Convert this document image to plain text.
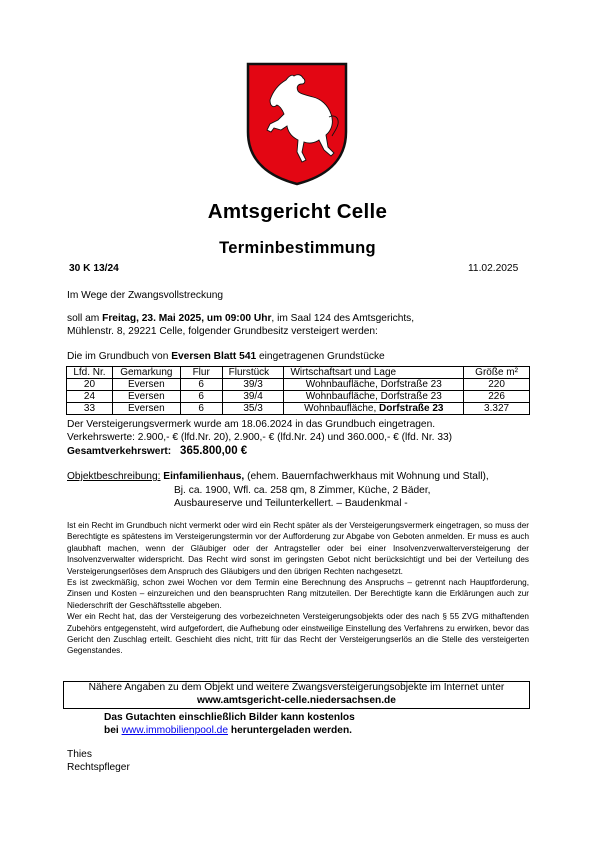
Amtsgericht Celle
Terminbestimmung
30 K 13/24	11.02.2025
Im Wege der Zwangsvollstreckung
soll am Freitag, 23. Mai 2025, um 09:00 Uhr, im Saal 124 des Amtsgerichts,
Mühlenstr. 8, 29221 Celle, folgender Grundbesitz versteigert werden:
Die im Grundbuch von Eversen Blatt 541 eingetragenen Grundstücke
Lfd. Nr.	Gemarkung	Flur	Flurstück	Wirtschaftsart und Lage	Größe m²
20	Eversen	6	39/3	Wohnbaufläche, Dorfstraße 23	220
24	Eversen	6	39/4	Wohnbaufläche, Dorfstraße 23	226
33	Eversen	6	35/3	Wohnbaufläche, Dorfstraße 23	3.327
Der Versteigerungsvermerk wurde am 18.06.2024 in das Grundbuch eingetragen.
Verkehrswerte: 2.900,- € (lfd.Nr. 20), 2.900,- € (lfd.Nr. 24) und 360.000,- € (lfd. Nr. 33)
Gesamtverkehrswert: 365.800,00 €
Objektbeschreibung: Einfamilienhaus, (ehem. Bauernfachwerkhaus mit Wohnung und Stall),
Bj. ca. 1900, Wfl. ca. 258 qm, 8 Zimmer, Küche, 2 Bäder,
Ausbaureserve und Teilunterkellert. – Baudenkmal -

Ist ein Recht im Grundbuch nicht vermerkt oder wird ein Recht später als der Versteigerungsvermerk eingetragen, so muss der Berechtigte es spätestens im Versteigerungstermin vor der Aufforderung zur Abgabe von Geboten anmelden. Er muss es auch glaubhaft machen, wenn der Gläubiger oder der Antragsteller oder bei einer Insolvenzverwalterversteigerung der Insolvenzverwalter widerspricht. Das Recht wird sonst im geringsten Gebot nicht berücksichtigt und bei der Verteilung des Versteigerungserlöses dem Anspruch des Gläubigers und den übrigen Rechten nachgesetzt.

Es ist zweckmäßig, schon zwei Wochen vor dem Termin eine Berechnung des Anspruchs – getrennt nach Hauptforderung, Zinsen und Kosten – einzureichen und den beanspruchten Rang mitzuteilen. Der Berechtigte kann die Erklärungen auch zur Niederschrift der Geschäftsstelle abgeben.

Wer ein Recht hat, das der Versteigerung des vorbezeichneten Versteigerungsobjekts oder des nach § 55 ZVG mithaftenden Zubehörs entgegensteht, wird aufgefordert, die Aufhebung oder einstweilige Einstellung des Verfahrens zu erwirken, bevor das Gericht den Zuschlag erteilt. Geschieht dies nicht, tritt für das Recht der Versteigerungserlös an die Stelle des versteigerten Gegenstandes.

Nähere Angaben zu dem Objekt und weitere Zwangsversteigerungsobjekte im Internet unter
www.amtsgericht-celle.niedersachsen.de
Das Gutachten einschließlich Bilder kann kostenlos
bei www.immobilienpool.de heruntergeladen werden.
Thies
Rechtspfleger
